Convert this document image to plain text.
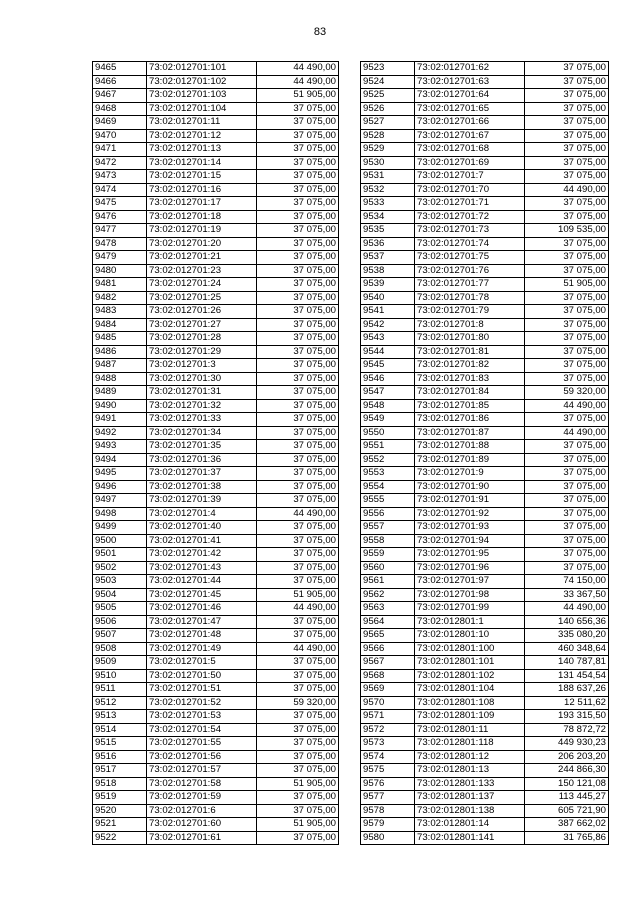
83
9465	73:02:012701:101	44 490,00
9466	73:02:012701:102	44 490,00
9467	73:02:012701:103	51 905,00
9468	73:02:012701:104	37 075,00
9469	73:02:012701:11	37 075,00
9470	73:02:012701:12	37 075,00
9471	73:02:012701:13	37 075,00
9472	73:02:012701:14	37 075,00
9473	73:02:012701:15	37 075,00
9474	73:02:012701:16	37 075,00
9475	73:02:012701:17	37 075,00
9476	73:02:012701:18	37 075,00
9477	73:02:012701:19	37 075,00
9478	73:02:012701:20	37 075,00
9479	73:02:012701:21	37 075,00
9480	73:02:012701:23	37 075,00
9481	73:02:012701:24	37 075,00
9482	73:02:012701:25	37 075,00
9483	73:02:012701:26	37 075,00
9484	73:02:012701:27	37 075,00
9485	73:02:012701:28	37 075,00
9486	73:02:012701:29	37 075,00
9487	73:02:012701:3	37 075,00
9488	73:02:012701:30	37 075,00
9489	73:02:012701:31	37 075,00
9490	73:02:012701:32	37 075,00
9491	73:02:012701:33	37 075,00
9492	73:02:012701:34	37 075,00
9493	73:02:012701:35	37 075,00
9494	73:02:012701:36	37 075,00
9495	73:02:012701:37	37 075,00
9496	73:02:012701:38	37 075,00
9497	73:02:012701:39	37 075,00
9498	73:02:012701:4	44 490,00
9499	73:02:012701:40	37 075,00
9500	73:02:012701:41	37 075,00
9501	73:02:012701:42	37 075,00
9502	73:02:012701:43	37 075,00
9503	73:02:012701:44	37 075,00
9504	73:02:012701:45	51 905,00
9505	73:02:012701:46	44 490,00
9506	73:02:012701:47	37 075,00
9507	73:02:012701:48	37 075,00
9508	73:02:012701:49	44 490,00
9509	73:02:012701:5	37 075,00
9510	73:02:012701:50	37 075,00
9511	73:02:012701:51	37 075,00
9512	73:02:012701:52	59 320,00
9513	73:02:012701:53	37 075,00
9514	73:02:012701:54	37 075,00
9515	73:02:012701:55	37 075,00
9516	73:02:012701:56	37 075,00
9517	73:02:012701:57	37 075,00
9518	73:02:012701:58	51 905,00
9519	73:02:012701:59	37 075,00
9520	73:02:012701:6	37 075,00
9521	73:02:012701:60	51 905,00
9522	73:02:012701:61	37 075,00
9523	73:02:012701:62	37 075,00
9524	73:02:012701:63	37 075,00
9525	73:02:012701:64	37 075,00
9526	73:02:012701:65	37 075,00
9527	73:02:012701:66	37 075,00
9528	73:02:012701:67	37 075,00
9529	73:02:012701:68	37 075,00
9530	73:02:012701:69	37 075,00
9531	73:02:012701:7	37 075,00
9532	73:02:012701:70	44 490,00
9533	73:02:012701:71	37 075,00
9534	73:02:012701:72	37 075,00
9535	73:02:012701:73	109 535,00
9536	73:02:012701:74	37 075,00
9537	73:02:012701:75	37 075,00
9538	73:02:012701:76	37 075,00
9539	73:02:012701:77	51 905,00
9540	73:02:012701:78	37 075,00
9541	73:02:012701:79	37 075,00
9542	73:02:012701:8	37 075,00
9543	73:02:012701:80	37 075,00
9544	73:02:012701:81	37 075,00
9545	73:02:012701:82	37 075,00
9546	73:02:012701:83	37 075,00
9547	73:02:012701:84	59 320,00
9548	73:02:012701:85	44 490,00
9549	73:02:012701:86	37 075,00
9550	73:02:012701:87	44 490,00
9551	73:02:012701:88	37 075,00
9552	73:02:012701:89	37 075,00
9553	73:02:012701:9	37 075,00
9554	73:02:012701:90	37 075,00
9555	73:02:012701:91	37 075,00
9556	73:02:012701:92	37 075,00
9557	73:02:012701:93	37 075,00
9558	73:02:012701:94	37 075,00
9559	73:02:012701:95	37 075,00
9560	73:02:012701:96	37 075,00
9561	73:02:012701:97	74 150,00
9562	73:02:012701:98	33 367,50
9563	73:02:012701:99	44 490,00
9564	73:02:012801:1	140 656,36
9565	73:02:012801:10	335 080,20
9566	73:02:012801:100	460 348,64
9567	73:02:012801:101	140 787,81
9568	73:02:012801:102	131 454,54
9569	73:02:012801:104	188 637,26
9570	73:02:012801:108	12 511,62
9571	73:02:012801:109	193 315,50
9572	73:02:012801:11	78 872,72
9573	73:02:012801:118	449 930,23
9574	73:02:012801:12	206 203,20
9575	73:02:012801:13	244 866,30
9576	73:02:012801:133	150 121,08
9577	73:02:012801:137	113 445,27
9578	73:02:012801:138	605 721,90
9579	73:02:012801:14	387 662,02
9580	73:02:012801:141	31 765,86
